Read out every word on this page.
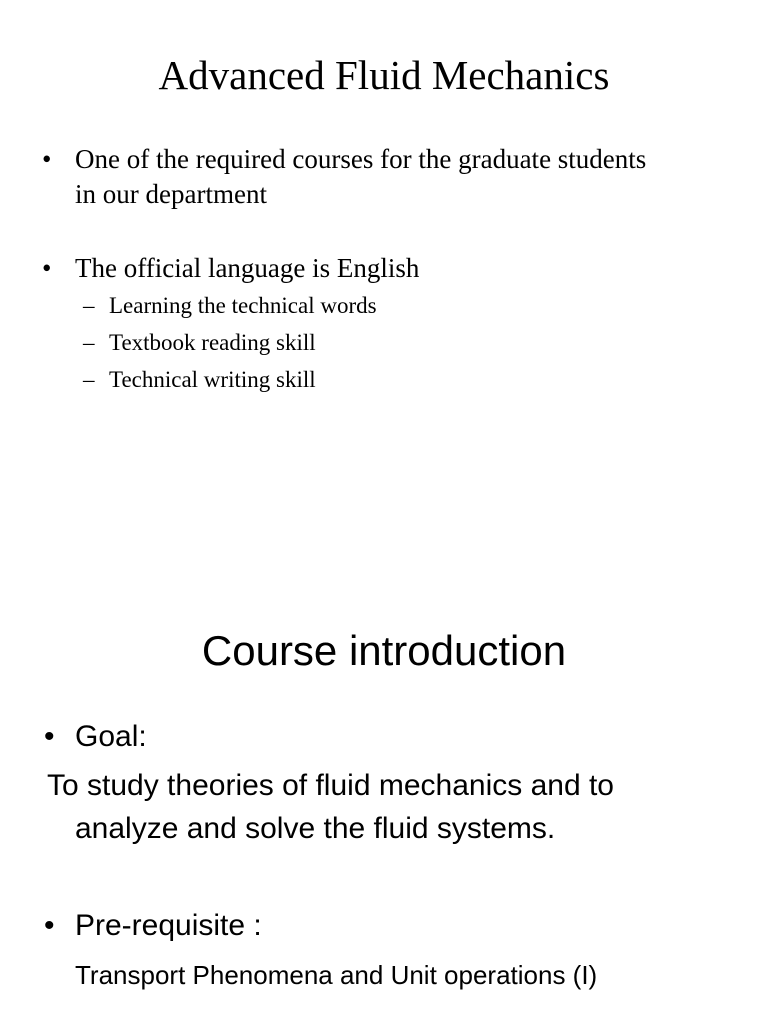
Advanced Fluid Mechanics
• One of the required courses for the graduate students
in our department
• The official language is English
– Learning the technical words
– Textbook reading skill
– Technical writing skill
Course introduction
• Goal:
To study theories of fluid mechanics and to
analyze and solve the fluid systems.
• Pre-requisite :
Transport Phenomena and Unit operations (I)
